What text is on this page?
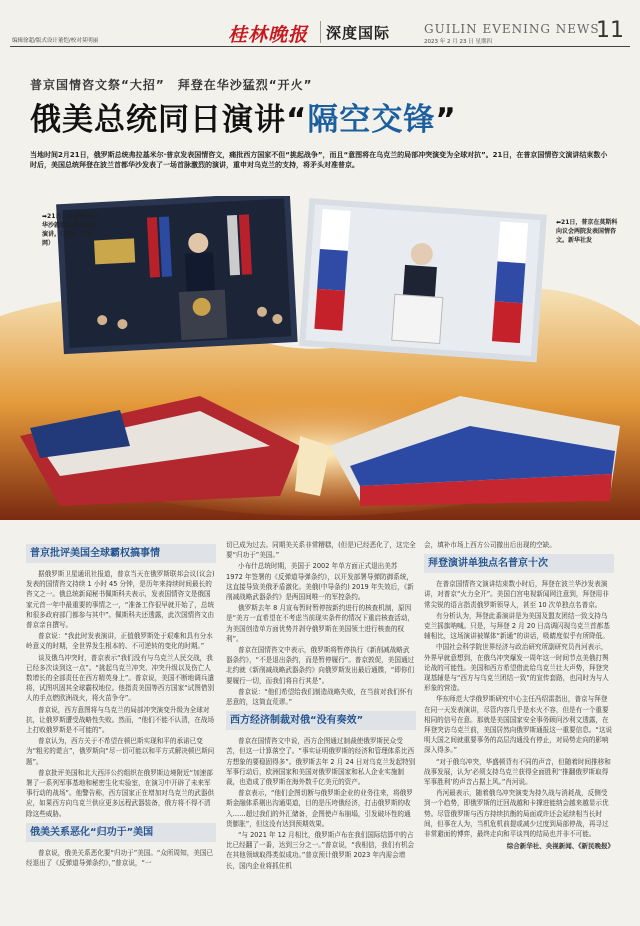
编辑徐超/版式设计董恺/校对莫明丽	桂林晚报 深度国际	GUILIN EVENING NEWS
11
2023 年 2 月 23 日 星期四
普京国情咨文祭“大招”　拜登在华沙猛烈“开火”
俄美总统同日演讲“隔空交锋”
当地时间2月21日，俄罗斯总统弗拉基米尔·普京发表国情咨文，痛批西方国家不但“挑起战争”，而且“意图将在乌克兰的局部冲突演变为全球对抗”。21日，在普京国情咨文演讲结束数小时后，美国总统拜登在波兰首都华沙发表了一场首脉激烈的演讲，重申对乌克兰的支持，将矛头对准普京。
➡21日，拜登在波兰华沙就俄乌冲突发表演讲。（图源：环球网）
⬅21日，普京在莫斯科向议会两院发表国情咨文。新华社发
普京批评美国全球霸权搞事情

据俄罗斯卫星通讯社报道，普京当天在俄罗斯联邦会议(议会)发表的国情咨文持续 1 小时 45 分钟，是历年来持续时间最长的咨文之一。俄总统新闻秘书佩斯科夫表示，发表国情咨文是俄国家元首一年中最重要的事情之一，“准备工作很早就开始了，总统和很多政府部门都参与其中”。佩斯科夫还透露，此次国情咨文由普京亲自撰写。

普京说：“我此时发表演讲，正值俄罗斯处于艰难和具有分水岭意义的时期，全世界发生根本的、不可逆转的变化的时期。”

谈及俄乌冲突时，普京表示“我们没有与乌克兰人民交战，我已经多次谈到这一点”。“挑起乌克兰冲突、冲突升级以及伤亡人数增长的全部责任在西方精英身上”。普京说，美国不断地调兵遣将，试图巩固其全球霸权地位。他指责美国等西方国家“试图借别人的手点燃欧洲战火，将火苗争夺”。

普京说，西方意图将与乌克兰的局部冲突演变升级为全球对抗，让俄罗斯遭受战略性失败。然而，“他们不能不认清，在战场上打败俄罗斯是不可能的”。

普京认为，西方关于不希望在顿巴斯实现和平的承诺已变为“粗劣的谎言”，俄罗斯向“尽一切可能以和平方式解决顿巴斯问题”。

普京批评美国和北大西洋公约组织在俄罗斯边境附近“加速部署了一系列军事基地和秘密生化实验室，在演习中开辟了未来军事行动的战场”。他警告称，西方国家正在增加对乌克兰的武器供应，如果西方向乌克兰供应更多远程武器装备，俄方将不得不清除这些威胁。

俄美关系恶化“归功于”美国

普京说，俄美关系恶化要“归功于”美国。“众所周知，美国已经退出了《反弹道导弹条约》，”普京说，“一

切已成为过去。同期美关系非常糟糕，(但是)已经恶化了，这完全要“归功于”美国。”

小布什总统时期，美国于 2002 年单方面正式退出美苏 1972 年签署的《反弹道导弹条约》，以开发部署导弹防御系统，这直接导致美俄矛盾激化。美俄(中导条约) 2019 年失效后，《新削减战略武器条约》是两国间唯一的军控条约。

俄罗斯去年 8 月宣布暂时暂停按新约进行的核查机制，原因是“美方一直希望在不考虑当前现实条件的情况下重启核查活动，为美国创造单方面优势并剥夺俄罗斯在美国领土进行核查的权利”。

普京在国情咨文中表示，俄罗斯将暂停执行《新削减战略武器条约》，“不是退出条约，而是暂停履行”。普京敦促，美国通过北约就《新削减战略武器条约》向俄罗斯发出最后通牒，“即你们要履行一切，而我们将自行其是”。

普京说：“他们希望给我们制造战略失败，在当前对我们怀有恶意的，这简直荒谬。”

西方经济制裁对俄“没有奏效”

普京在国情咨文中说，西方企图通过制裁使俄罗斯民众受苦，但这一计算落空了。“事实证明俄罗斯的经济和管理体系比西方想象的要稳固得多”。俄罗斯去年 2 月 24 日对乌克兰发起特别军事行动后，欧洲国家和美国对俄罗斯国家和私人企业实施制裁，也造成了俄罗斯在海外数千亿美元的资产。

普京表示，“他们企图切断与俄罗斯企业的业务往来，将俄罗斯金融体系剔出沟通渠道，目的是压垮俄经济，打击俄罗斯的收入……超过我们的外汇储备，企图使卢布崩塌，引发破坏性的通货膨胀”，但这没有达到预期效果。

“与 2021 年 12 月相比，俄罗斯卢布在我们国际结算中的占比已经翻了一番，达到三分之一。”普京说，“我相信，我们有机会在其他领域取得类似成功。”普京预计俄罗斯 2023 年内需会增长，国内企业将抓住机

会，填补市场上西方公司撤出后出现的空缺。

拜登演讲单独点名普京十次

在普京国情咨文演讲结束数小时后，拜登在波兰华沙发表演讲，对普京“火力全开”。美国白宫电视新闻网注意到，拜登用非常尖锐的语言指责俄罗斯领导人，甚至 10 次单独点名普京。

有分析认为，拜登此番演讲是为美国及盟友团结一致支持乌克兰摇旗呐喊。只是，与拜登 2 月 20 日高调闪现乌克兰首都基辅相比，这场演讲被媒体“新通”的讲话，吸睛度似乎有所降低。

中国社会科学院世界经济与政治研究所副研究员肖河表示，外界早就意想到，在俄乌冲突爆发一周年这一时间节点美俄打舆论战的可能性。美国和西方希望借此给乌克兰壮大声势，拜登突现基辅是与“西方与乌克兰团结一致”的宣传套路，也同时为与人形象的营造。

华东师范大学俄罗斯研究中心主任冯绍雷指出，普京与拜登在同一天发表演讲，尽管内容几乎是水火不容，但是有一个重要相同的信号在意。那就是美国国家安全事务顾问沙利文透露，在拜登突访乌克兰前，美国居然向俄罗斯通报这一重要信息。“这说明大国之间就重要事务的高层沟通没有停止，对局势走向的影响深入得多。”

“对于俄乌冲突，华盛顿背有不同的声音，但随着时间推移和战事发展，认为‘必须支持乌克兰获得全面胜利’‘推翻俄罗斯取得军事胜利’的声音占据上风。”肖河说。

肖河最表示，随着俄乌冲突演变为持久战与消耗战，反侧受到一个趋势，即俄罗斯的迂回战越和卡撑进能纳会越来越显示优势。尽管俄罗斯与西方持续抗衡的局面或许还会延续相当长时间，但事在人为，当机危机前提或减少过度到局部停战，再寻过非常避面的博弈，最终走向和平谈判的结局也并非不可能。

综合新华社、央视新闻、《新民晚报》
